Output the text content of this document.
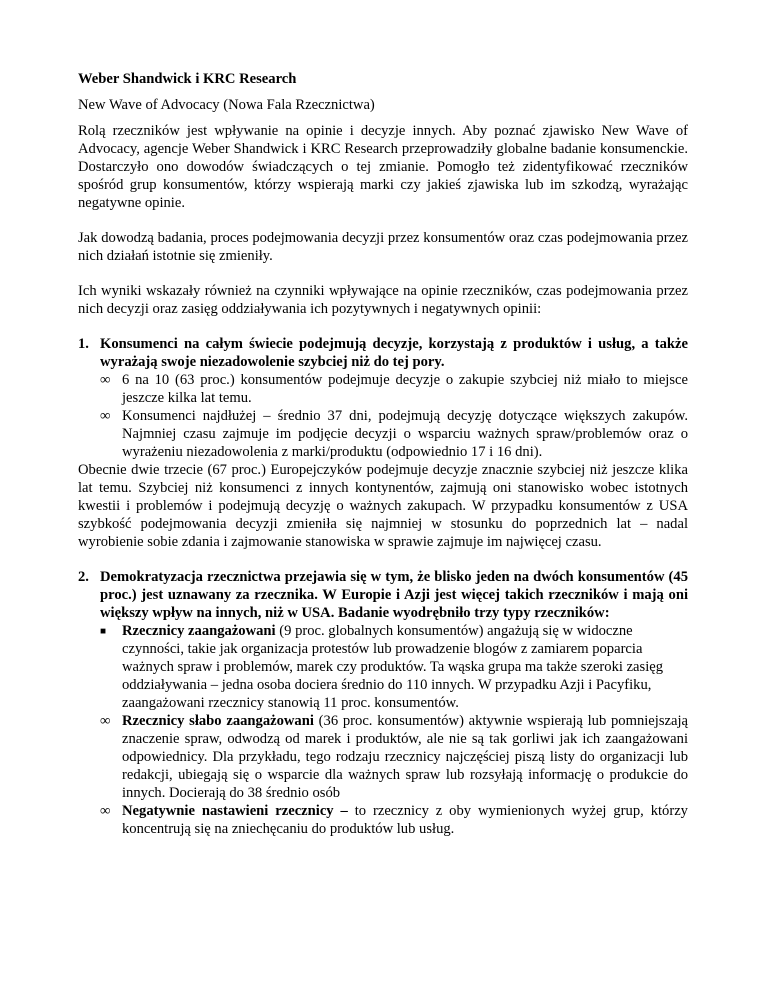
Weber Shandwick i KRC Research

New Wave of Advocacy (Nowa Fala Rzecznictwa)

Rolą rzeczników jest wpływanie na opinie i decyzje innych. Aby poznać zjawisko New Wave of Advocacy, agencje Weber Shandwick i KRC Research przeprowadziły globalne badanie konsumenckie. Dostarczyło ono dowodów świadczących o tej zmianie. Pomogło też zidentyfikować rzeczników spośród grup konsumentów, którzy wspierają marki czy jakieś zjawiska lub im szkodzą, wyrażając negatywne opinie.

Jak dowodzą badania, proces podejmowania decyzji przez konsumentów oraz czas podejmowania przez nich działań istotnie się zmieniły.

Ich wyniki wskazały również na czynniki wpływające na opinie rzeczników, czas podejmowania przez nich decyzji oraz zasięg oddziaływania ich pozytywnych i negatywnych opinii:

1. Konsumenci na całym świecie podejmują decyzje, korzystają z produktów i usług, a także wyrażają swoje niezadowolenie szybciej niż do tej pory.

∞ 6 na 10 (63 proc.) konsumentów podejmuje decyzje o zakupie szybciej niż miało to miejsce jeszcze kilka lat temu.
∞ Konsumenci najdłużej – średnio 37 dni, podejmują decyzję dotyczące większych zakupów. Najmniej czasu zajmuje im podjęcie decyzji o wsparciu ważnych spraw/problemów oraz o wyrażeniu niezadowolenia z marki/produktu (odpowiednio 17 i 16 dni).

Obecnie dwie trzecie (67 proc.) Europejczyków podejmuje decyzje znacznie szybciej niż jeszcze klika lat temu. Szybciej niż konsumenci z innych kontynentów, zajmują oni stanowisko wobec istotnych kwestii i problemów i podejmują decyzję o ważnych zakupach. W przypadku konsumentów z USA szybkość podejmowania decyzji zmieniła się najmniej w stosunku do poprzednich lat – nadal wyrobienie sobie zdania i zajmowanie stanowiska w sprawie zajmuje im najwięcej czasu.

2. Demokratyzacja rzecznictwa przejawia się w tym, że blisko jeden na dwóch konsumentów (45 proc.) jest uznawany za rzecznika. W Europie i Azji jest więcej takich rzeczników i mają oni większy wpływ na innych, niż w USA. Badanie wyodrębniło trzy typy rzeczników:

■	Rzecznicy zaangażowani (9 proc. globalnych konsumentów) angażują się w widoczne czynności, takie jak organizacja protestów lub prowadzenie blogów z zamiarem poparcia ważnych spraw i problemów, marek czy produktów. Ta wąska grupa ma także szeroki zasięg oddziaływania – jedna osoba dociera średnio do 110 innych. W przypadku Azji i Pacyfiku, zaangażowani rzecznicy stanowią 11 proc. konsumentów.
∞ Rzecznicy słabo zaangażowani (36 proc. konsumentów) aktywnie wspierają lub pomniejszają znaczenie spraw, odwodzą od marek i produktów, ale nie są tak gorliwi jak ich zaangażowani odpowiednicy. Dla przykładu, tego rodzaju rzecznicy najczęściej piszą listy do organizacji lub redakcji, ubiegają się o wsparcie dla ważnych spraw lub rozsyłają informację o produkcie do innych. Docierają do 38 średnio osób
∞ Negatywnie nastawieni rzecznicy – to rzecznicy z oby wymienionych wyżej grup, którzy koncentrują się na zniechęcaniu do produktów lub usług.
